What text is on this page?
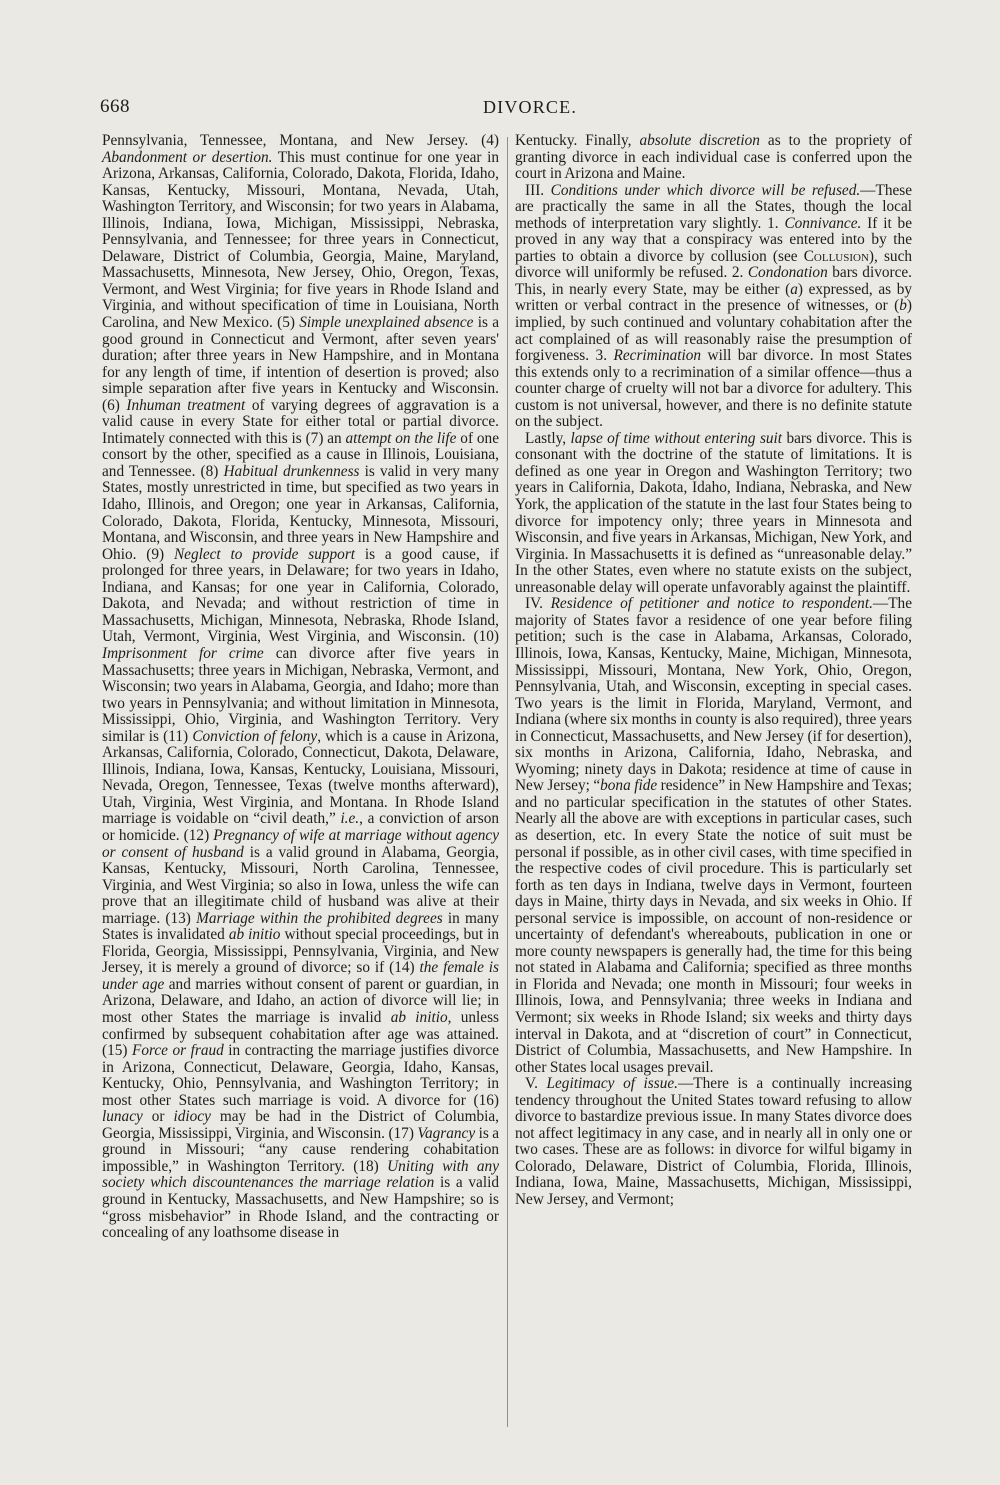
668	DIVORCE.

Pennsylvania, Tennessee, Montana, and New Jersey. (4) Abandonment or desertion. This must continue for one year in Arizona, Arkansas, California, Colorado, Dakota, Florida, Idaho, Kansas, Kentucky, Missouri, Montana, Nevada, Utah, Washington Territory, and Wisconsin; for two years in Alabama, Illinois, Indiana, Iowa, Michigan, Mississippi, Nebraska, Pennsylvania, and Tennessee; for three years in Connecticut, Delaware, District of Columbia, Georgia, Maine, Maryland, Massachusetts, Minnesota, New Jersey, Ohio, Oregon, Texas, Vermont, and West Virginia; for five years in Rhode Island and Virginia, and without specification of time in Louisiana, North Carolina, and New Mexico. (5) Simple unexplained absence is a good ground in Connecticut and Vermont, after seven years' duration; after three years in New Hampshire, and in Montana for any length of time, if intention of desertion is proved; also simple separation after five years in Kentucky and Wisconsin. (6) Inhuman treatment of varying degrees of aggravation is a valid cause in every State for either total or partial divorce. Intimately connected with this is (7) an attempt on the life of one consort by the other, specified as a cause in Illinois, Louisiana, and Tennessee. (8) Habitual drunkenness is valid in very many States, mostly unrestricted in time, but specified as two years in Idaho, Illinois, and Oregon; one year in Arkansas, California, Colorado, Dakota, Florida, Kentucky, Minnesota, Missouri, Montana, and Wisconsin, and three years in New Hampshire and Ohio. (9) Neglect to provide support is a good cause, if prolonged for three years, in Delaware; for two years in Idaho, Indiana, and Kansas; for one year in California, Colorado, Dakota, and Nevada; and without restriction of time in Massachusetts, Michigan, Minnesota, Nebraska, Rhode Island, Utah, Vermont, Virginia, West Virginia, and Wisconsin. (10) Imprisonment for crime can divorce after five years in Massachusetts; three years in Michigan, Nebraska, Vermont, and Wisconsin; two years in Alabama, Georgia, and Idaho; more than two years in Pennsylvania; and without limitation in Minnesota, Mississippi, Ohio, Virginia, and Washington Territory. Very similar is (11) Conviction of felony, which is a cause in Arizona, Arkansas, California, Colorado, Connecticut, Dakota, Delaware, Illinois, Indiana, Iowa, Kansas, Kentucky, Louisiana, Missouri, Nevada, Oregon, Tennessee, Texas (twelve months afterward), Utah, Virginia, West Virginia, and Montana. In Rhode Island marriage is voidable on “civil death,” i.e., a conviction of arson or homicide. (12) Pregnancy of wife at marriage without agency or consent of husband is a valid ground in Alabama, Georgia, Kansas, Kentucky, Missouri, North Carolina, Tennessee, Virginia, and West Virginia; so also in Iowa, unless the wife can prove that an illegitimate child of husband was alive at their marriage. (13) Marriage within the prohibited degrees in many States is invalidated ab initio without special proceedings, but in Florida, Georgia, Mississippi, Pennsylvania, Virginia, and New Jersey, it is merely a ground of divorce; so if (14) the female is under age and marries without consent of parent or guardian, in Arizona, Delaware, and Idaho, an action of divorce will lie; in most other States the marriage is invalid ab initio, unless confirmed by subsequent cohabitation after age was attained. (15) Force or fraud in contracting the marriage justifies divorce in Arizona, Connecticut, Delaware, Georgia, Idaho, Kansas, Kentucky, Ohio, Pennsylvania, and Washington Territory; in most other States such marriage is void. A divorce for (16) lunacy or idiocy may be had in the District of Columbia, Georgia, Mississippi, Virginia, and Wisconsin. (17) Vagrancy is a ground in Missouri; “any cause rendering cohabitation impossible,” in Washington Territory. (18) Uniting with any society which discountenances the marriage relation is a valid ground in Kentucky, Massachusetts, and New Hampshire; so is “gross misbehavior” in Rhode Island, and the contracting or concealing of any loathsome disease in

Kentucky. Finally, absolute discretion as to the propriety of granting divorce in each individual case is conferred upon the court in Arizona and Maine.

III. Conditions under which divorce will be refused.—These are practically the same in all the States, though the local methods of interpretation vary slightly. 1. Connivance. If it be proved in any way that a conspiracy was entered into by the parties to obtain a divorce by collusion (see Collusion), such divorce will uniformly be refused. 2. Condonation bars divorce. This, in nearly every State, may be either (a) expressed, as by written or verbal contract in the presence of witnesses, or (b) implied, by such continued and voluntary cohabitation after the act complained of as will reasonably raise the presumption of forgiveness. 3. Recrimination will bar divorce. In most States this extends only to a recrimination of a similar offence—thus a counter charge of cruelty will not bar a divorce for adultery. This custom is not universal, however, and there is no definite statute on the subject.

Lastly, lapse of time without entering suit bars divorce. This is consonant with the doctrine of the statute of limitations. It is defined as one year in Oregon and Washington Territory; two years in California, Dakota, Idaho, Indiana, Nebraska, and New York, the application of the statute in the last four States being to divorce for impotency only; three years in Minnesota and Wisconsin, and five years in Arkansas, Michigan, New York, and Virginia. In Massachusetts it is defined as “unreasonable delay.” In the other States, even where no statute exists on the subject, unreasonable delay will operate unfavorably against the plaintiff.

IV. Residence of petitioner and notice to respondent.—The majority of States favor a residence of one year before filing petition; such is the case in Alabama, Arkansas, Colorado, Illinois, Iowa, Kansas, Kentucky, Maine, Michigan, Minnesota, Mississippi, Missouri, Montana, New York, Ohio, Oregon, Pennsylvania, Utah, and Wisconsin, excepting in special cases. Two years is the limit in Florida, Maryland, Vermont, and Indiana (where six months in county is also required), three years in Connecticut, Massachusetts, and New Jersey (if for desertion), six months in Arizona, California, Idaho, Nebraska, and Wyoming; ninety days in Dakota; residence at time of cause in New Jersey; “bona fide residence” in New Hampshire and Texas; and no particular specification in the statutes of other States. Nearly all the above are with exceptions in particular cases, such as desertion, etc. In every State the notice of suit must be personal if possible, as in other civil cases, with time specified in the respective codes of civil procedure. This is particularly set forth as ten days in Indiana, twelve days in Vermont, fourteen days in Maine, thirty days in Nevada, and six weeks in Ohio. If personal service is impossible, on account of non-residence or uncertainty of defendant's whereabouts, publication in one or more county newspapers is generally had, the time for this being not stated in Alabama and California; specified as three months in Florida and Nevada; one month in Missouri; four weeks in Illinois, Iowa, and Pennsylvania; three weeks in Indiana and Vermont; six weeks in Rhode Island; six weeks and thirty days interval in Dakota, and at “discretion of court” in Connecticut, District of Columbia, Massachusetts, and New Hampshire. In other States local usages prevail.

V. Legitimacy of issue.—There is a continually increasing tendency throughout the United States toward refusing to allow divorce to bastardize previous issue. In many States divorce does not affect legitimacy in any case, and in nearly all in only one or two cases. These are as follows: in divorce for wilful bigamy in Colorado, Delaware, District of Columbia, Florida, Illinois, Indiana, Iowa, Maine, Massachusetts, Michigan, Mississippi, New Jersey, and Vermont;
